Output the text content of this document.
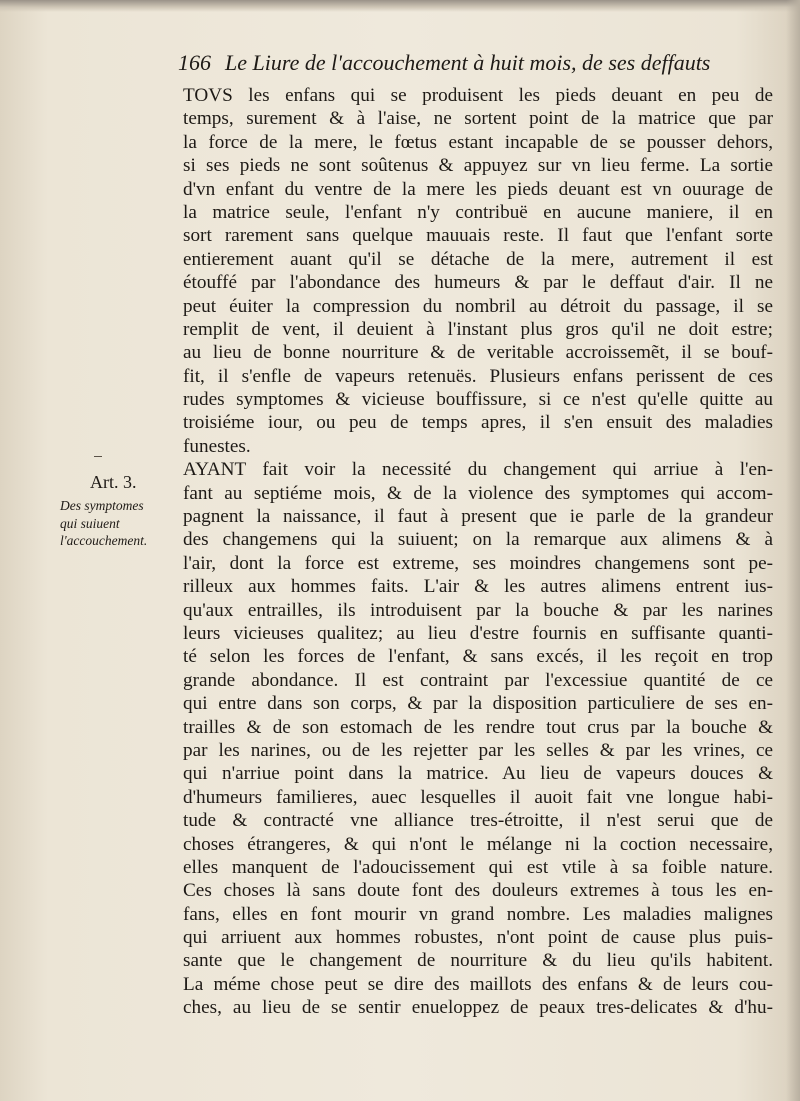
166 Le Liure de l'accouchement à huit mois, de ses deffauts
Art. 3.
Des symptomes
qui suiuent
l'accouchement.
TOVS les enfans qui se produisent les pieds deuant en peu de
temps, surement & à l'aise, ne sortent point de la matrice que par
la force de la mere, le fœtus estant incapable de se pousser dehors,
si ses pieds ne sont soûtenus & appuyez sur vn lieu ferme. La sortie
d'vn enfant du ventre de la mere les pieds deuant est vn ouurage de
la matrice seule, l'enfant n'y contribuë en aucune maniere, il en
sort rarement sans quelque mauuais reste. Il faut que l'enfant sorte
entierement auant qu'il se détache de la mere, autrement il est
étouffé par l'abondance des humeurs & par le deffaut d'air. Il ne
peut éuiter la compression du nombril au détroit du passage, il se
remplit de vent, il deuient à l'instant plus gros qu'il ne doit estre;
au lieu de bonne nourriture & de veritable accroissemẽt, il se bouf-
fit, il s'enfle de vapeurs retenuës. Plusieurs enfans perissent de ces
rudes symptomes & vicieuse bouffissure, si ce n'est qu'elle quitte au
troisiéme iour, ou peu de temps apres, il s'en ensuit des maladies
funestes.
AYANT fait voir la necessité du changement qui arriue à l'en-
fant au septiéme mois, & de la violence des symptomes qui accom-
pagnent la naissance, il faut à present que ie parle de la grandeur
des changemens qui la suiuent; on la remarque aux alimens & à
l'air, dont la force est extreme, ses moindres changemens sont pe-
rilleux aux hommes faits. L'air & les autres alimens entrent ius-
qu'aux entrailles, ils introduisent par la bouche & par les narines
leurs vicieuses qualitez; au lieu d'estre fournis en suffisante quanti-
té selon les forces de l'enfant, & sans excés, il les reçoit en trop
grande abondance. Il est contraint par l'excessiue quantité de ce
qui entre dans son corps, & par la disposition particuliere de ses en-
trailles & de son estomach de les rendre tout crus par la bouche &
par les narines, ou de les rejetter par les selles & par les vrines, ce
qui n'arriue point dans la matrice. Au lieu de vapeurs douces &
d'humeurs familieres, auec lesquelles il auoit fait vne longue habi-
tude & contracté vne alliance tres-étroitte, il n'est serui que de
choses étrangeres, & qui n'ont le mélange ni la coction necessaire,
elles manquent de l'adoucissement qui est vtile à sa foible nature.
Ces choses là sans doute font des douleurs extremes à tous les en-
fans, elles en font mourir vn grand nombre. Les maladies malignes
qui arriuent aux hommes robustes, n'ont point de cause plus puis-
sante que le changement de nourriture & du lieu qu'ils habitent.
La méme chose peut se dire des maillots des enfans & de leurs cou-
ches, au lieu de se sentir enueloppez de peaux tres-delicates & d'hu-
